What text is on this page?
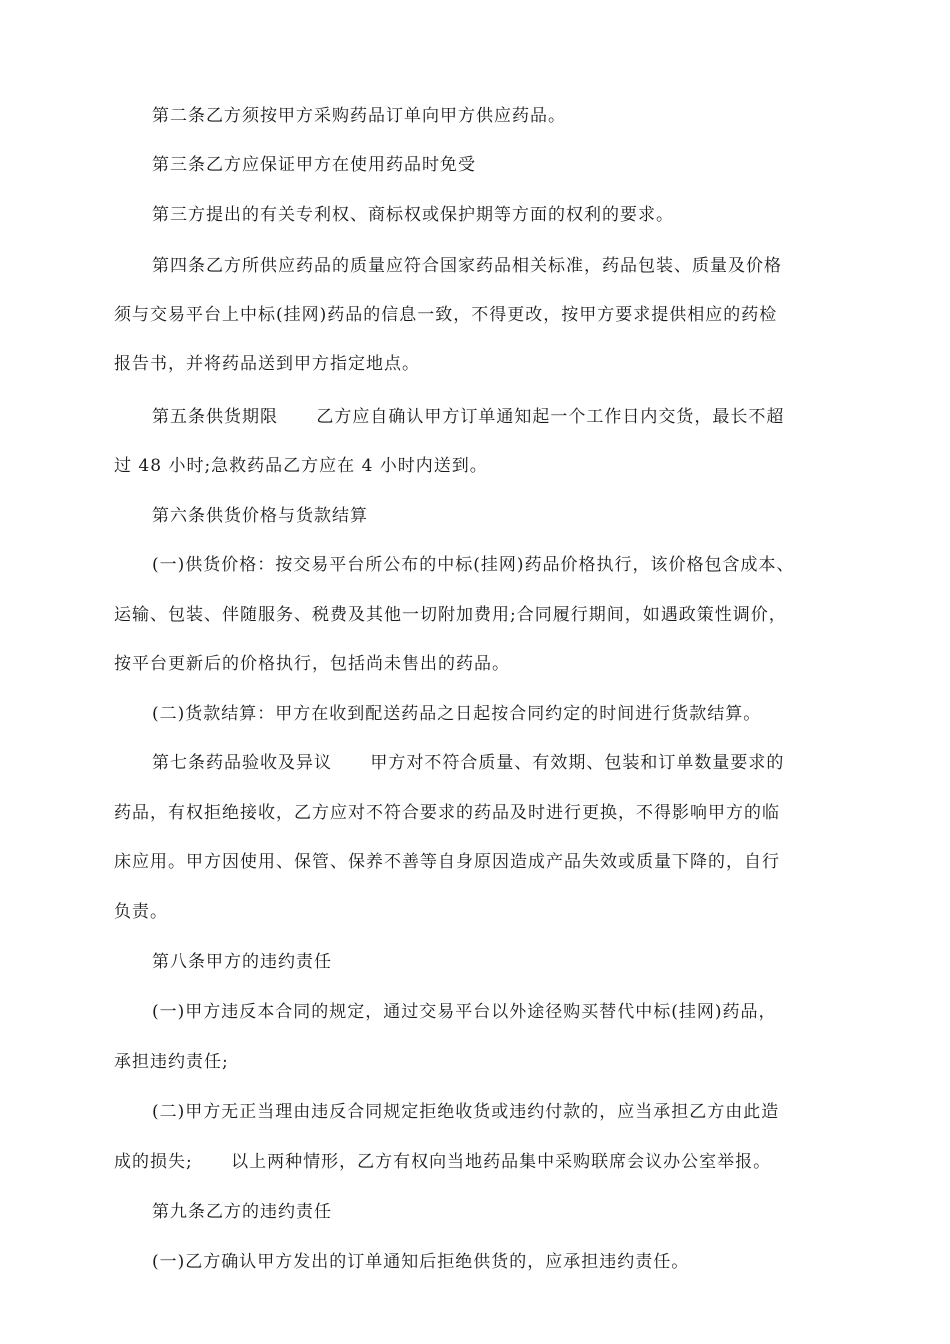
第二条乙方须按甲方采购药品订单向甲方供应药品。
第三条乙方应保证甲方在使用药品时免受
第三方提出的有关专利权、商标权或保护期等方面的权利的要求。
第四条乙方所供应药品的质量应符合国家药品相关标准，药品包装、质量及价格
须与交易平台上中标(挂网)药品的信息一致，不得更改，按甲方要求提供相应的药检
报告书，并将药品送到甲方指定地点。
第五条供货期限      乙方应自确认甲方订单通知起一个工作日内交货，最长不超
过 48 小时;急救药品乙方应在 4 小时内送到。
第六条供货价格与货款结算
(一)供货价格：按交易平台所公布的中标(挂网)药品价格执行，该价格包含成本、
运输、包装、伴随服务、税费及其他一切附加费用;合同履行期间，如遇政策性调价，
按平台更新后的价格执行，包括尚未售出的药品。
(二)货款结算：甲方在收到配送药品之日起按合同约定的时间进行货款结算。
第七条药品验收及异议      甲方对不符合质量、有效期、包装和订单数量要求的
药品，有权拒绝接收，乙方应对不符合要求的药品及时进行更换，不得影响甲方的临
床应用。甲方因使用、保管、保养不善等自身原因造成产品失效或质量下降的，自行
负责。
第八条甲方的违约责任
(一)甲方违反本合同的规定，通过交易平台以外途径购买替代中标(挂网)药品，
承担违约责任;
(二)甲方无正当理由违反合同规定拒绝收货或违约付款的，应当承担乙方由此造
成的损失;      以上两种情形，乙方有权向当地药品集中采购联席会议办公室举报。
第九条乙方的违约责任
(一)乙方确认甲方发出的订单通知后拒绝供货的，应承担违约责任。
